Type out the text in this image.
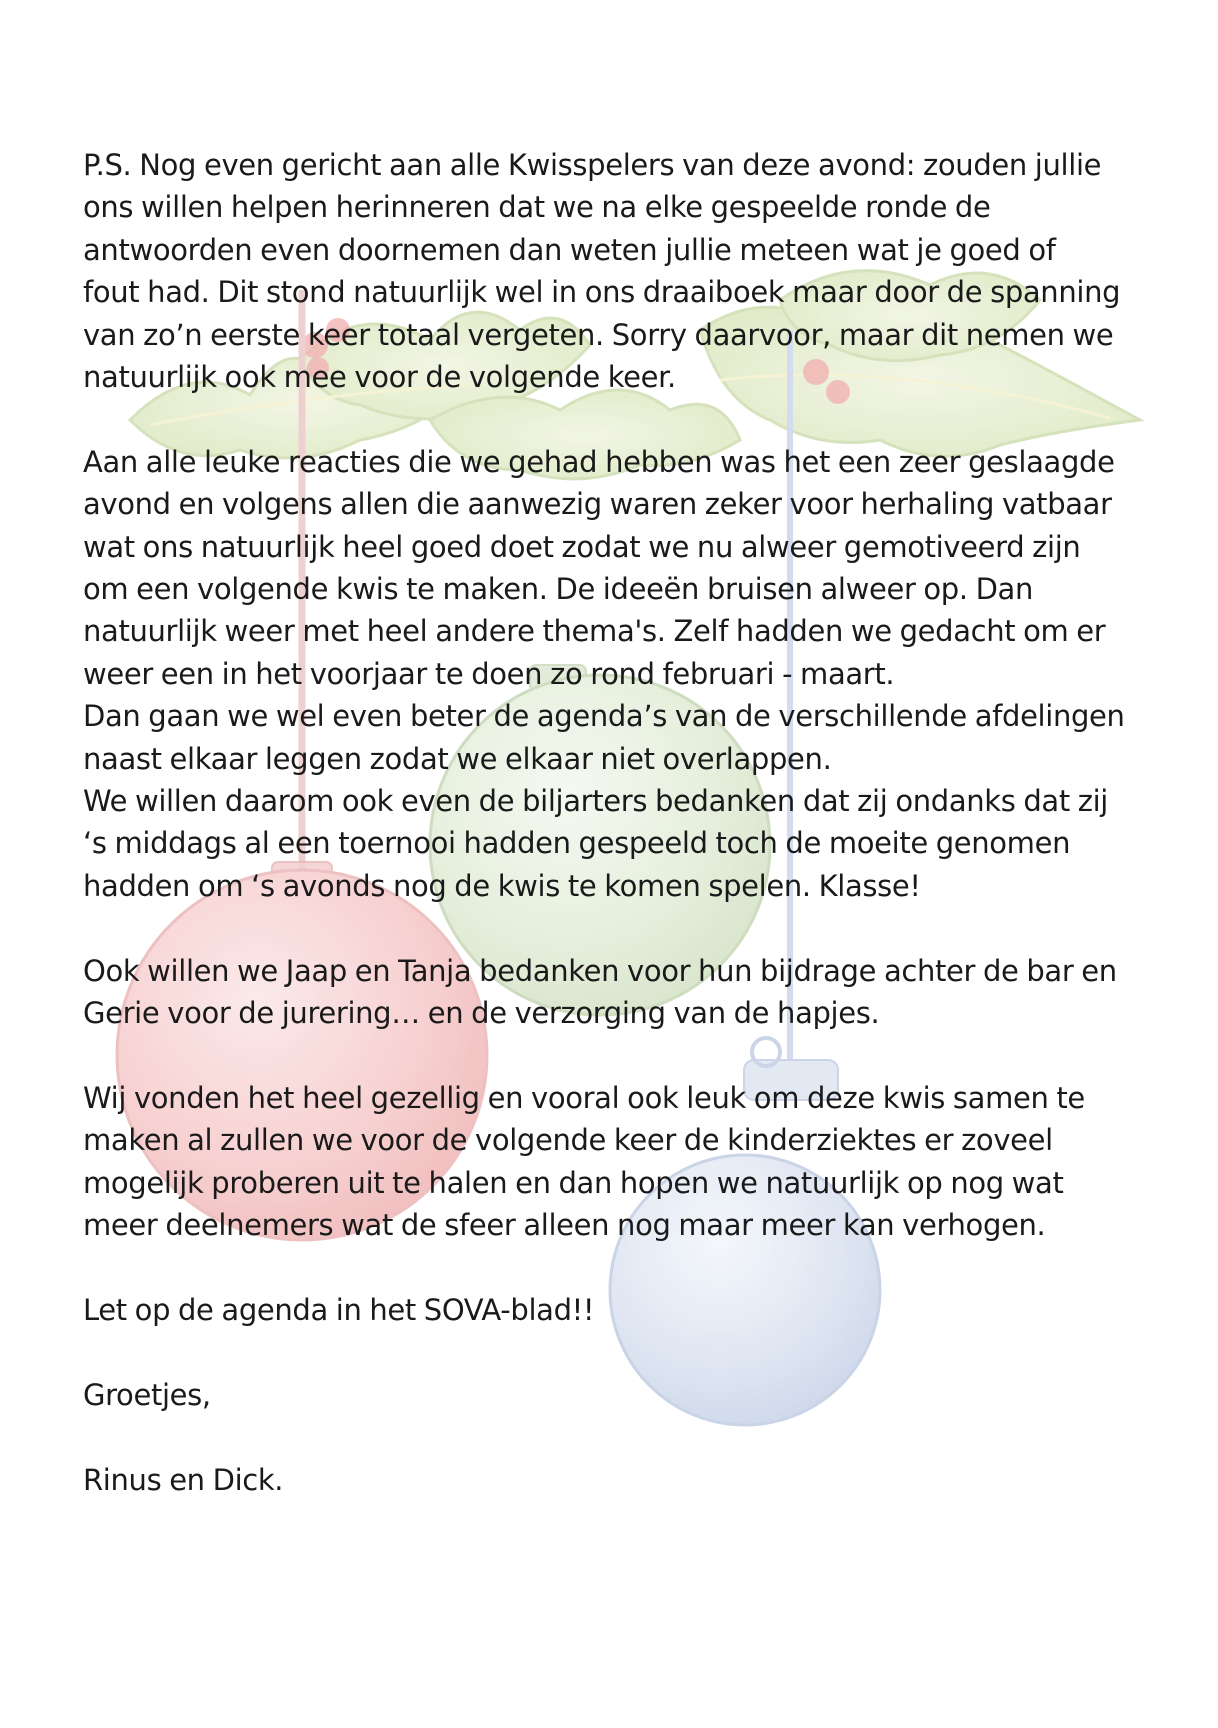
P.S. Nog even gericht aan alle Kwisspelers van deze avond: zouden jullie

ons willen helpen herinneren dat we na elke gespeelde ronde de

antwoorden even doornemen dan weten jullie meteen wat je goed of

fout had. Dit stond natuurlijk wel in ons draaiboek maar door de spanning

van zo’n eerste keer totaal vergeten. Sorry daarvoor, maar dit nemen we

natuurlijk ook mee voor de volgende keer.

Aan alle leuke reacties die we gehad hebben was het een zeer geslaagde

avond en volgens allen die aanwezig waren zeker voor herhaling vatbaar

wat ons natuurlijk heel goed doet zodat we nu alweer gemotiveerd zijn

om een volgende kwis te maken. De ideeën bruisen alweer op. Dan

natuurlijk weer met heel andere thema's. Zelf hadden we gedacht om er

weer een in het voorjaar te doen zo rond februari - maart.

Dan gaan we wel even beter de agenda’s van de verschillende afdelingen

naast elkaar leggen zodat we elkaar niet overlappen.

We willen daarom ook even de biljarters bedanken dat zij ondanks dat zij

‘s middags al een toernooi hadden gespeeld toch de moeite genomen

hadden om ‘s avonds nog de kwis te komen spelen. Klasse!

Ook willen we Jaap en Tanja bedanken voor hun bijdrage achter de bar en

Gerie voor de jurering… en de verzorging van de hapjes.

Wij vonden het heel gezellig en vooral ook leuk om deze kwis samen te

maken al zullen we voor de volgende keer de kinderziektes er zoveel

mogelijk proberen uit te halen en dan hopen we natuurlijk op nog wat

meer deelnemers wat de sfeer alleen nog maar meer kan verhogen.

Let op de agenda in het SOVA-blad!!

Groetjes,

Rinus en Dick.
